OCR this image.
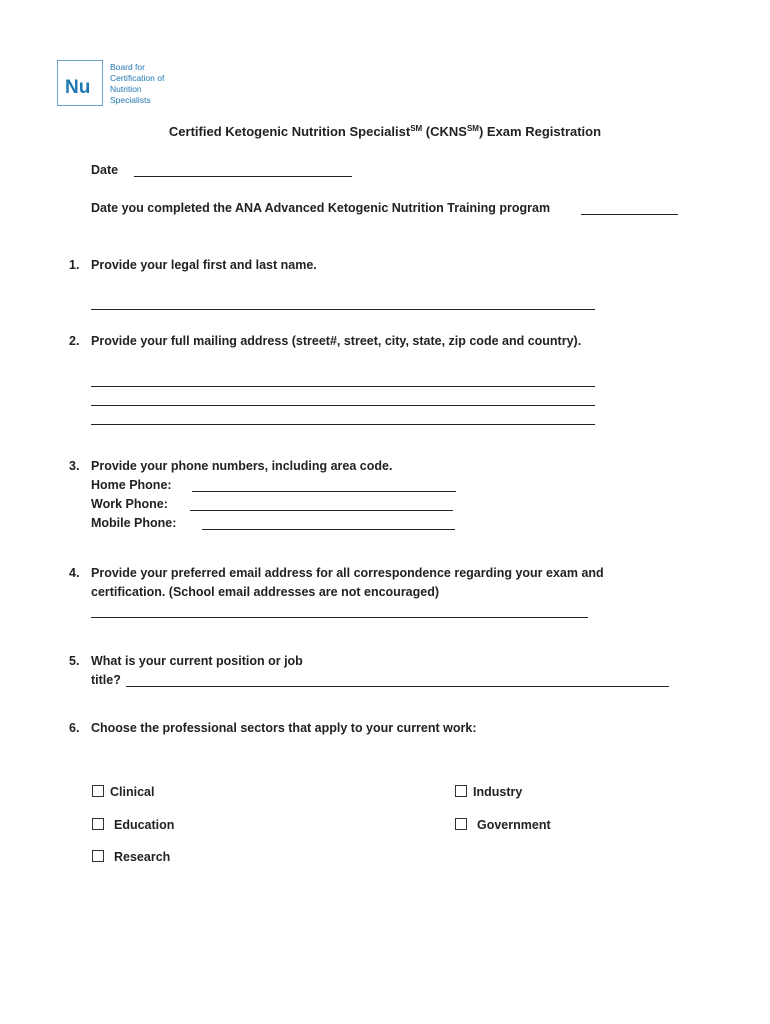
Nu
Board for
Certification of
Nutrition
Specialists
Certified Ketogenic Nutrition Specialist℠ (CKNS℠) Exam Registration
Date
Date you completed the ANA Advanced Ketogenic Nutrition Training program
1. Provide your legal first and last name.
2. Provide your full mailing address (street#, street, city, state, zip code and country).
3. Provide your phone numbers, including area code.
Home Phone:
Work Phone:
Mobile Phone:
4. Provide your preferred email address for all correspondence regarding your exam and
certification. (School email addresses are not encouraged)
5. What is your current position or job
title?
6. Choose the professional sectors that apply to your current work:
Clinical	Industry
Education	Government
Research
